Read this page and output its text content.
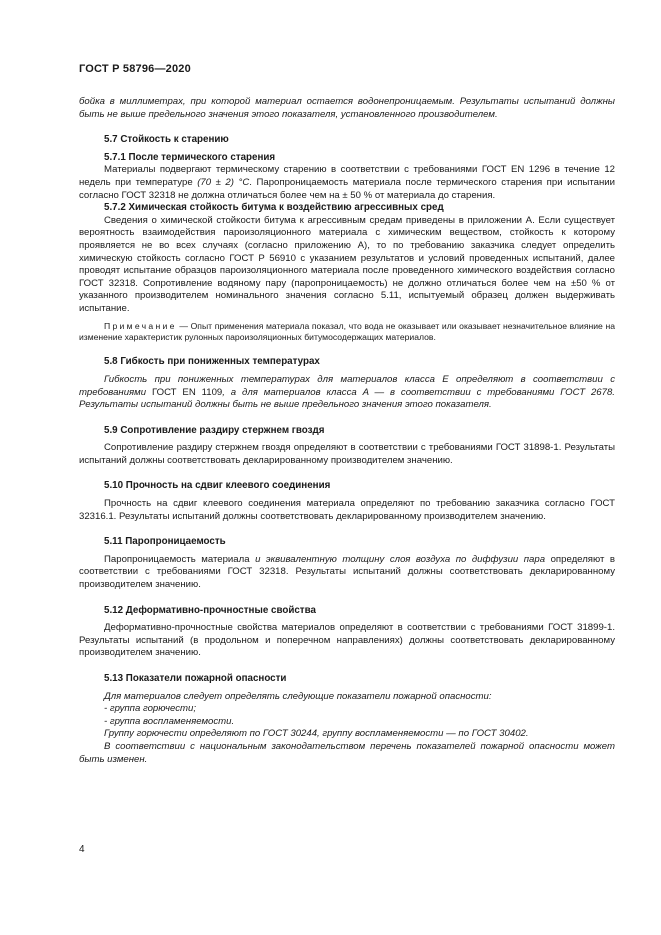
ГОСТ Р 58796—2020

бойка в миллиметрах, при которой материал остается водонепроницаемым. Результаты испытаний должны быть не выше предельного значения этого показателя, установленного производителем.

5.7 Стойкость к старению
5.7.1 После термического старения

Материалы подвергают термическому старению в соответствии с требованиями ГОСТ EN 1296 в течение 12 недель при температуре (70 ± 2) °С. Паропроницаемость материала после термического старения при испытании согласно ГОСТ 32318 не должна отличаться более чем на ± 50 % от материала до старения.

5.7.2 Химическая стойкость битума к воздействию агрессивных сред

Сведения о химической стойкости битума к агрессивным средам приведены в приложении А. Если существует вероятность взаимодействия пароизоляционного материала с химическим веществом, стойкость к которому проявляется не во всех случаях (согласно приложению А), то по требованию заказчика следует определить химическую стойкость согласно ГОСТ Р 56910 с указанием результатов и условий проведенных испытаний, далее проводят испытание образцов пароизоляционного материала после проведенного химического воздействия согласно ГОСТ 32318. Сопротивление водяному пару (паропроницаемость) не должно отличаться более чем на ±50 % от указанного производителем номинального значения согласно 5.11, испытуемый образец должен выдерживать испытание.

Примечание — Опыт применения материала показал, что вода не оказывает или оказывает незначительное влияние на изменение характеристик рулонных пароизоляционных битумосодержащих материалов.

5.8 Гибкость при пониженных температурах

Гибкость при пониженных температурах для материалов класса E определяют в соответствии с требованиями ГОСТ EN 1109, а для материалов класса A — в соответствии с требованиями ГОСТ 2678. Результаты испытаний должны быть не выше предельного значения этого показателя.

5.9 Сопротивление раздиру стержнем гвоздя

Сопротивление раздиру стержнем гвоздя определяют в соответствии с требованиями ГОСТ 31898-1. Результаты испытаний должны соответствовать декларированному производителем значению.

5.10 Прочность на сдвиг клеевого соединения

Прочность на сдвиг клеевого соединения материала определяют по требованию заказчика согласно ГОСТ 32316.1. Результаты испытаний должны соответствовать декларированному производителем значению.

5.11 Паропроницаемость

Паропроницаемость материала и эквивалентную толщину слоя воздуха по диффузии пара определяют в соответствии с требованиями ГОСТ 32318. Результаты испытаний должны соответствовать декларированному производителем значению.

5.12 Деформативно-прочностные свойства

Деформативно-прочностные свойства материалов определяют в соответствии с требованиями ГОСТ 31899-1. Результаты испытаний (в продольном и поперечном направлениях) должны соответствовать декларированному производителем значению.

5.13 Показатели пожарной опасности

Для материалов следует определять следующие показатели пожарной опасности:

- группа горючести;

- группа воспламеняемости.

Группу горючести определяют по ГОСТ 30244, группу воспламеняемости — по ГОСТ 30402.

В соответствии с национальным законодательством перечень показателей пожарной опасности может быть изменен.

4
